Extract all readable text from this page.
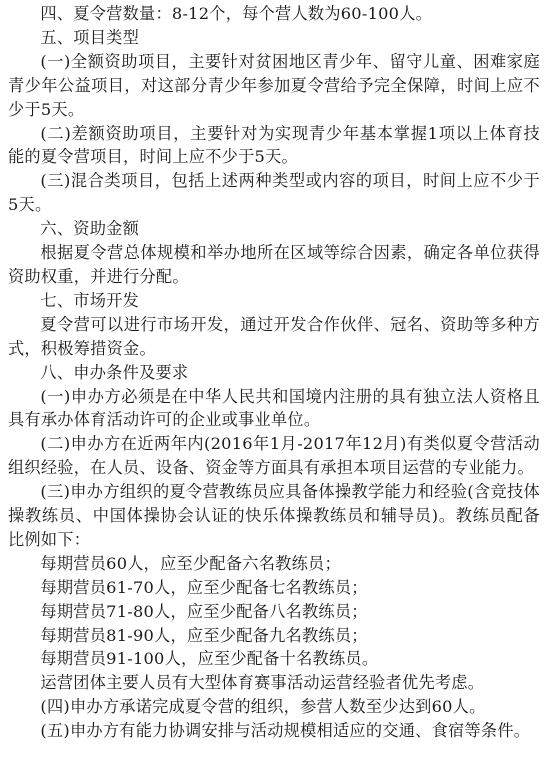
四、夏令营数量：8-12个，每个营人数为60-100人。

五、项目类型

(一)全额资助项目，主要针对贫困地区青少年、留守儿童、困难家庭青少年公益项目，对这部分青少年参加夏令营给予完全保障，时间上应不少于5天。

(二)差额资助项目，主要针对为实现青少年基本掌握1项以上体育技能的夏令营项目，时间上应不少于5天。

(三)混合类项目，包括上述两种类型或内容的项目，时间上应不少于5天。

六、资助金额

根据夏令营总体规模和举办地所在区域等综合因素，确定各单位获得资助权重，并进行分配。

七、市场开发

夏令营可以进行市场开发，通过开发合作伙伴、冠名、资助等多种方式，积极筹措资金。

八、申办条件及要求

(一)申办方必须是在中华人民共和国境内注册的具有独立法人资格且具有承办体育活动许可的企业或事业单位。

(二)申办方在近两年内(2016年1月-2017年12月)有类似夏令营活动组织经验，在人员、设备、资金等方面具有承担本项目运营的专业能力。

(三)申办方组织的夏令营教练员应具备体操教学能力和经验(含竞技体操教练员、中国体操协会认证的快乐体操教练员和辅导员)。教练员配备比例如下：

每期营员60人，应至少配备六名教练员；

每期营员61-70人，应至少配备七名教练员；

每期营员71-80人，应至少配备八名教练员；

每期营员81-90人，应至少配备九名教练员；

每期营员91-100人，应至少配备十名教练员。

运营团体主要人员有大型体育赛事活动运营经验者优先考虑。

(四)申办方承诺完成夏令营的组织，参营人数至少达到60人。

(五)申办方有能力协调安排与活动规模相适应的交通、食宿等条件。
